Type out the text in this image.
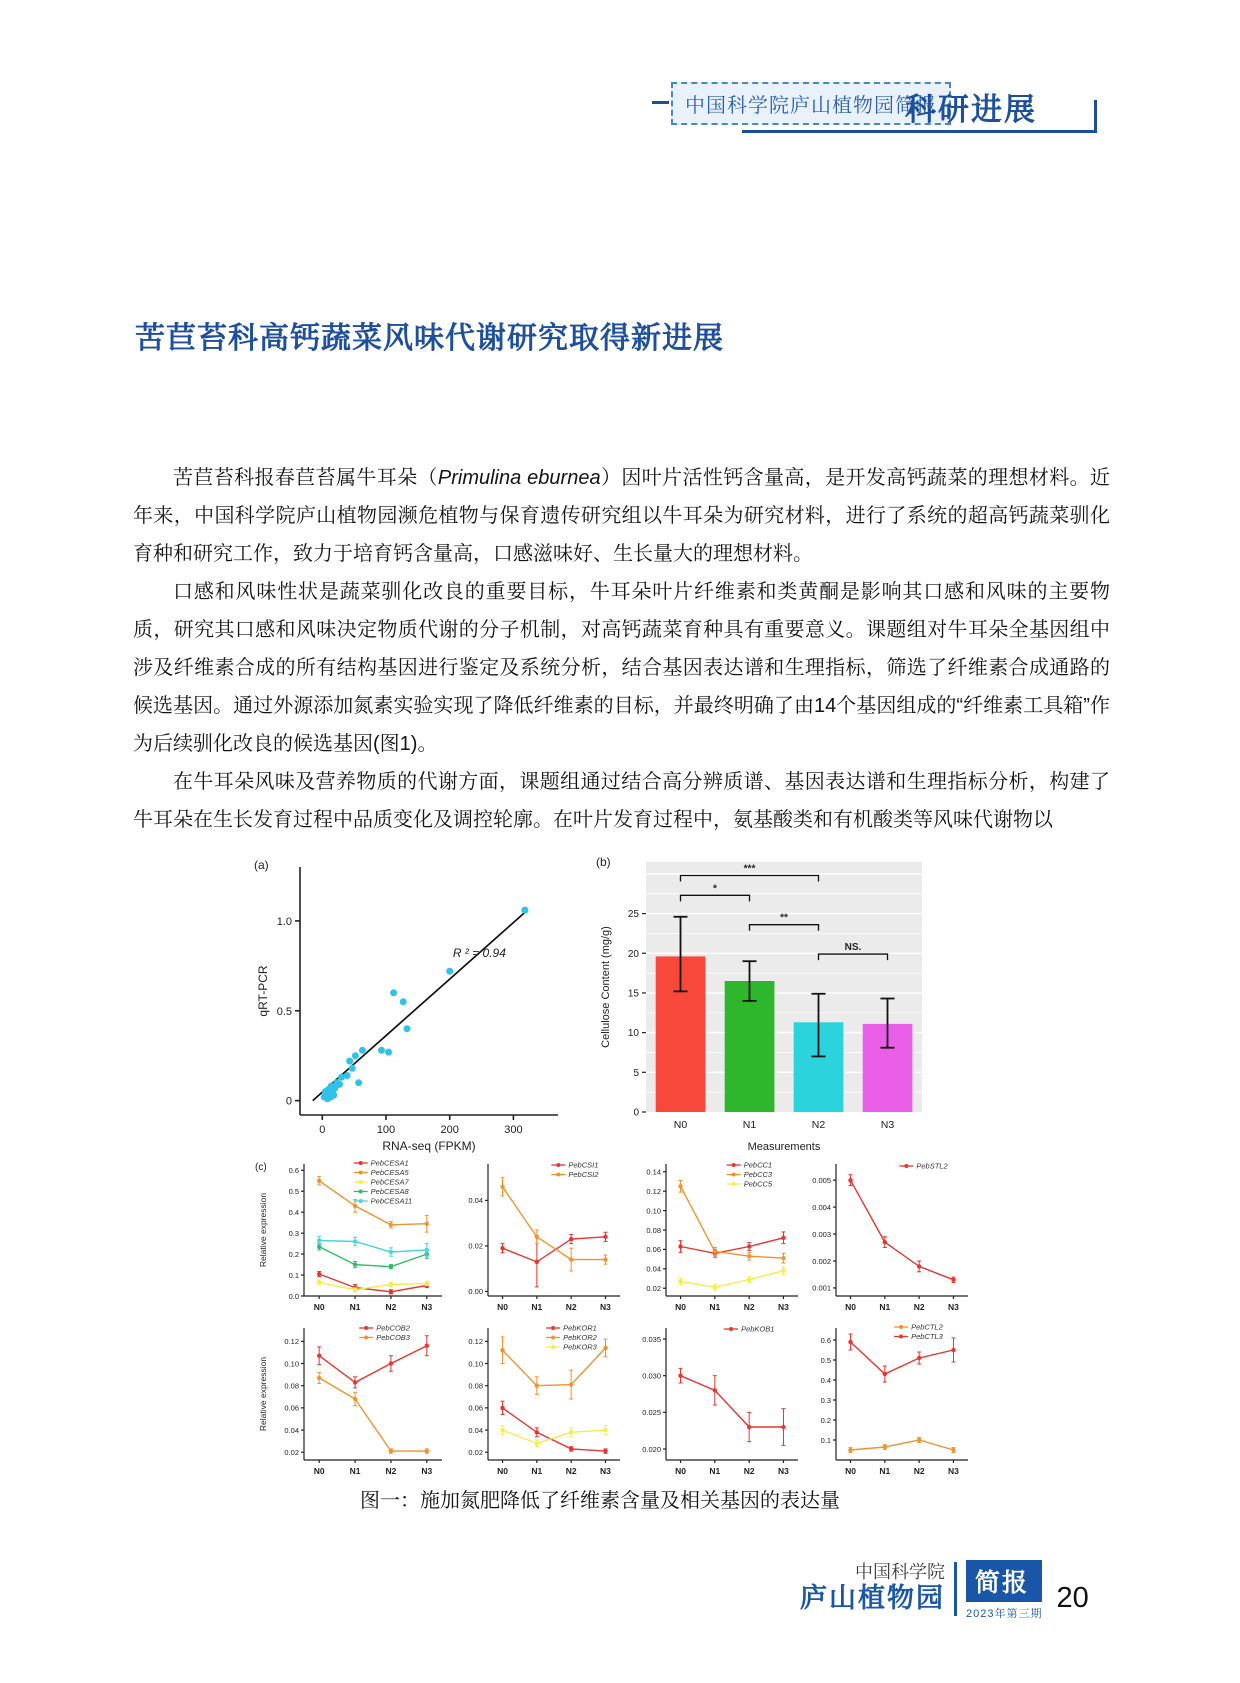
中国科学院庐山植物园简报
科研进展
苦苣苔科高钙蔬菜风味代谢研究取得新进展

苦苣苔科报春苣苔属牛耳朵（Primulina eburnea）因叶片活性钙含量高，是开发高钙蔬菜的理想材料。近年来，中国科学院庐山植物园濒危植物与保育遗传研究组以牛耳朵为研究材料，进行了系统的超高钙蔬菜驯化育种和研究工作，致力于培育钙含量高，口感滋味好、生长量大的理想材料。

口感和风味性状是蔬菜驯化改良的重要目标，牛耳朵叶片纤维素和类黄酮是影响其口感和风味的主要物质，研究其口感和风味决定物质代谢的分子机制，对高钙蔬菜育种具有重要意义。课题组对牛耳朵全基因组中涉及纤维素合成的所有结构基因进行鉴定及系统分析，结合基因表达谱和生理指标，筛选了纤维素合成通路的候选基因。通过外源添加氮素实验实现了降低纤维素的目标，并最终明确了由14个基因组成的“纤维素工具箱”作为后续驯化改良的候选基因(图1)。

在牛耳朵风味及营养物质的代谢方面，课题组通过结合高分辨质谱、基因表达谱和生理指标分析，构建了牛耳朵在生长发育过程中品质变化及调控轮廓。在叶片发育过程中，氨基酸类和有机酸类等风味代谢物以

0
0.5
1.0
0	100	200	300
RNA-seq (FPKM)
qRT-PCR
R ² = 0.94
(a)
N0	N1	N2	N3
0
5
10
15
20
25
***
*
**
NS.
Measurements
Cellulose Content (mg/g)
(b)
0.0
0.1
0.2
0.3
0.4
0.5
0.6
N0	N1	N2	N3
Relative expression
PebCESA1
PebCESA5
PebCESA7
PebCESA8
PebCESA11
(c)
0.00
0.02
0.04
N0	N1	N2	N3
PebCSI1
PebCSI2
0.02
0.04
0.06
0.08
0.10
0.12
0.14
N0	N1	N2	N3
PebCC1
PebCC3
PebCC5
0.001
0.002
0.003
0.004
0.005
N0	N1	N2	N3
PebSTL2
0.02
0.04
0.06
0.08
0.10
0.12
N0	N1	N2	N3
Relative expression
PebCOB2
PebCOB3
0.02
0.04
0.06
0.08
0.10
0.12
N0	N1	N2	N3
PebKOR1
PebKOR2
PebKOR3
0.020
0.025
0.030
0.035
N0	N1	N2	N3
PebKOB1
0.1
0.2
0.3
0.4
0.5
0.6
N0	N1	N2	N3
PebCTL2
PebCTL3
图一：施加氮肥降低了纤维素含量及相关基因的表达量
中国科学院
庐山植物园	简报
2023年第三期 20
